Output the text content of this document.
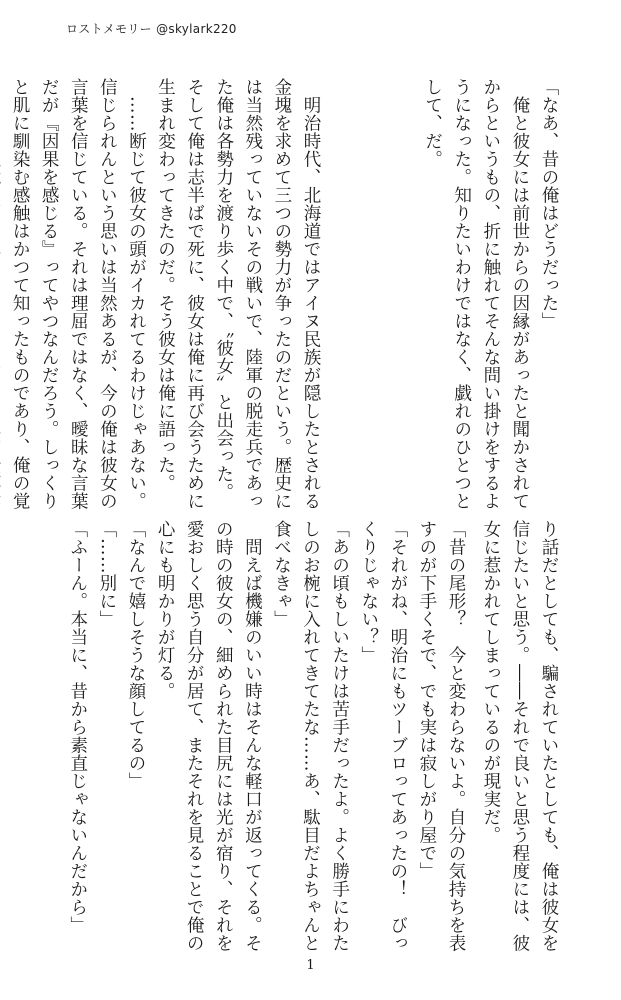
ロストメモリー @skylark220
「なあ、昔の俺はどうだった」
　俺と彼女には前世からの因縁があったと聞かされて
からというもの、折に触れてそんな問い掛けをするよ
うになった。知りたいわけではなく、戯れのひとつと
して、だ。
　明治時代、北海道ではアイヌ民族が隠したとされる
金塊を求めて三つの勢力が争ったのだという。歴史に
は当然残っていないその戦いで、陸軍の脱走兵であっ
た俺は各勢力を渡り歩く中で、〝彼女〟と出会った。
そして俺は志半ばで死に、彼女は俺に再び会うために
生まれ変わってきたのだ。そう彼女は俺に語った。
　……断じて彼女の頭がイカれてるわけじゃあない。
信じられんという思いは当然あるが、今の俺は彼女の
言葉を信じている。それは理屈ではなく、曖昧な言葉
だが『因果を感じる』ってやつなんだろう。しっくり
と肌に馴染む感触はかつて知ったものであり、俺の覚
り話だとしても、騙されていたとしても、俺は彼女を
信じたいと思う。――それで良いと思う程度には、彼
女に惹かれてしまっているのが現実だ。
「昔の尾形？　今と変わらないよ。自分の気持ちを表
すのが下手くそで、でも実は寂しがり屋で」
「それがね、明治にもツーブロってあったの！　びっ
くりじゃない？」
「あの頃もしいたけは苦手だったよ。よく勝手にわた
しのお椀に入れてきてたな……あ、駄目だよちゃんと
食べなきゃ」
　問えば機嫌のいい時はそんな軽口が返ってくる。そ
の時の彼女の、細められた目尻には光が宿り、それを
愛おしく思う自分が居て、またそれを見ることで俺の
心にも明かりが灯る。
「なんで嬉しそうな顔してるの」
「……別に」
「ふーん。本当に、昔から素直じゃないんだから」
1
